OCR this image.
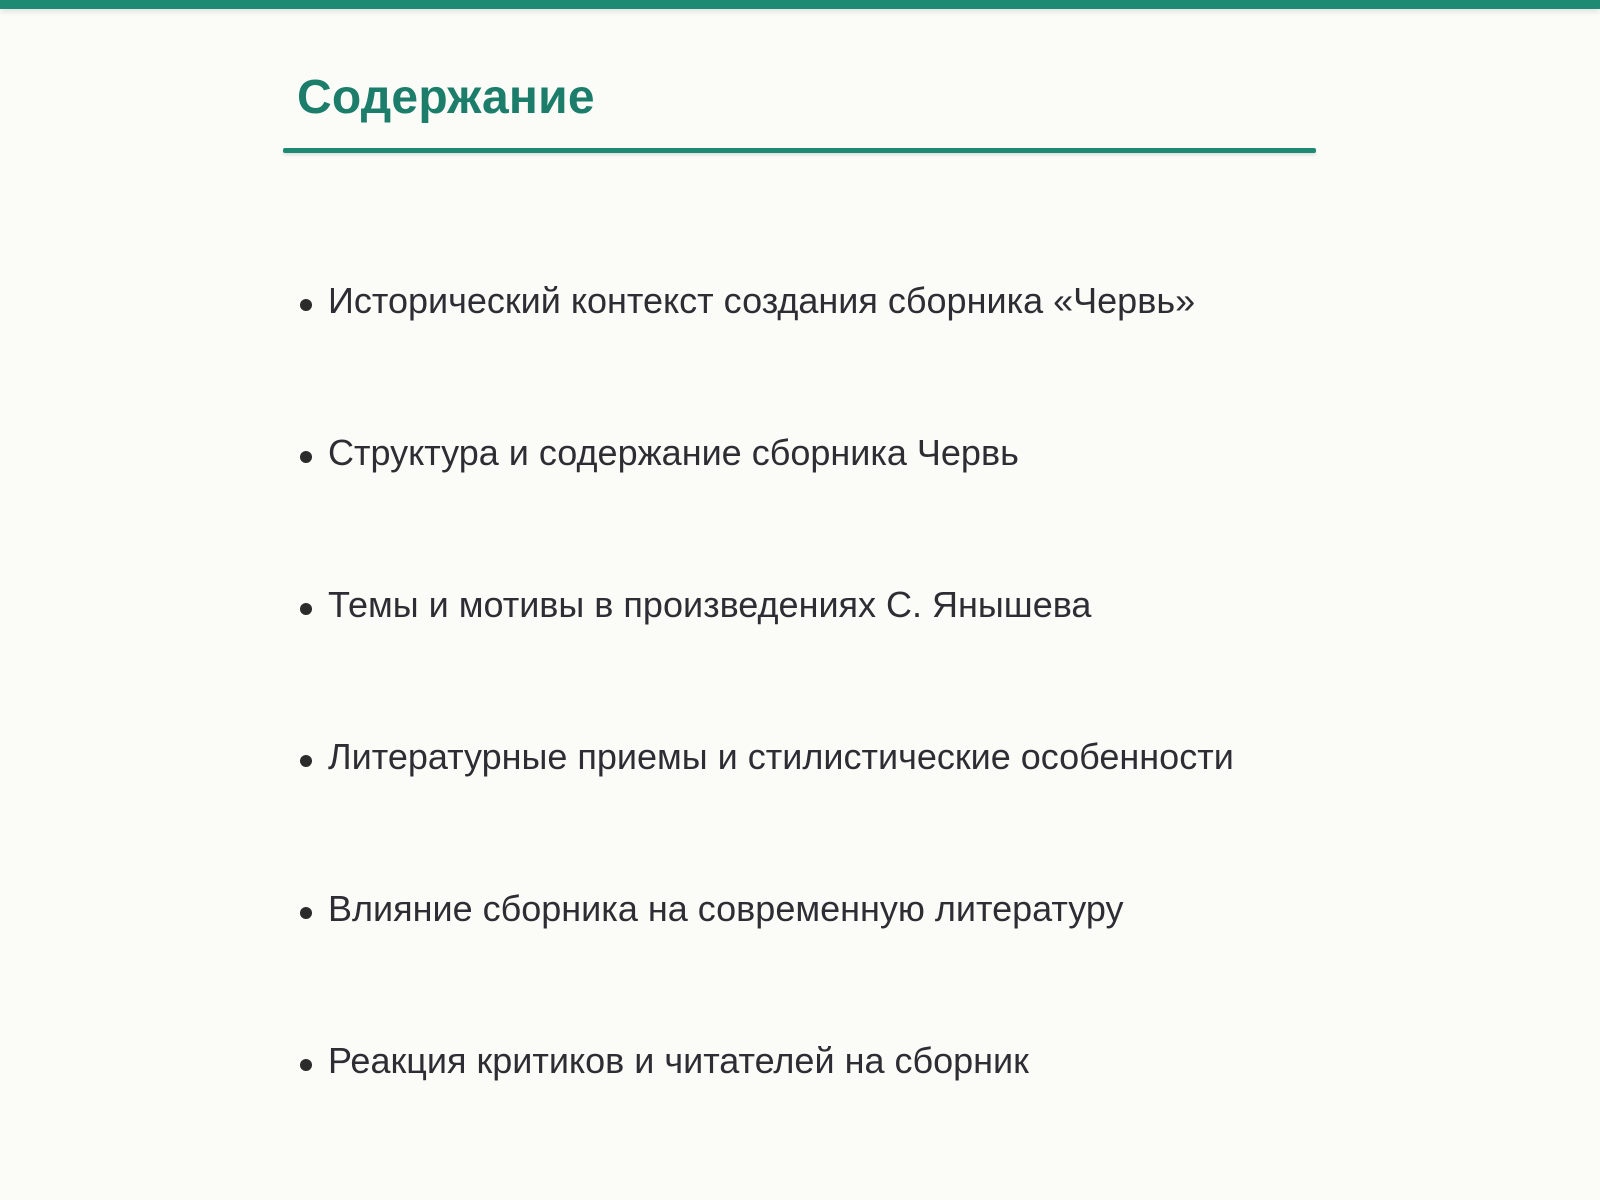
Содержание
Исторический контекст создания сборника «Червь»
Структура и содержание сборника Червь
Темы и мотивы в произведениях С. Янышева
Литературные приемы и стилистические особенности
Влияние сборника на современную литературу
Реакция критиков и читателей на сборник
